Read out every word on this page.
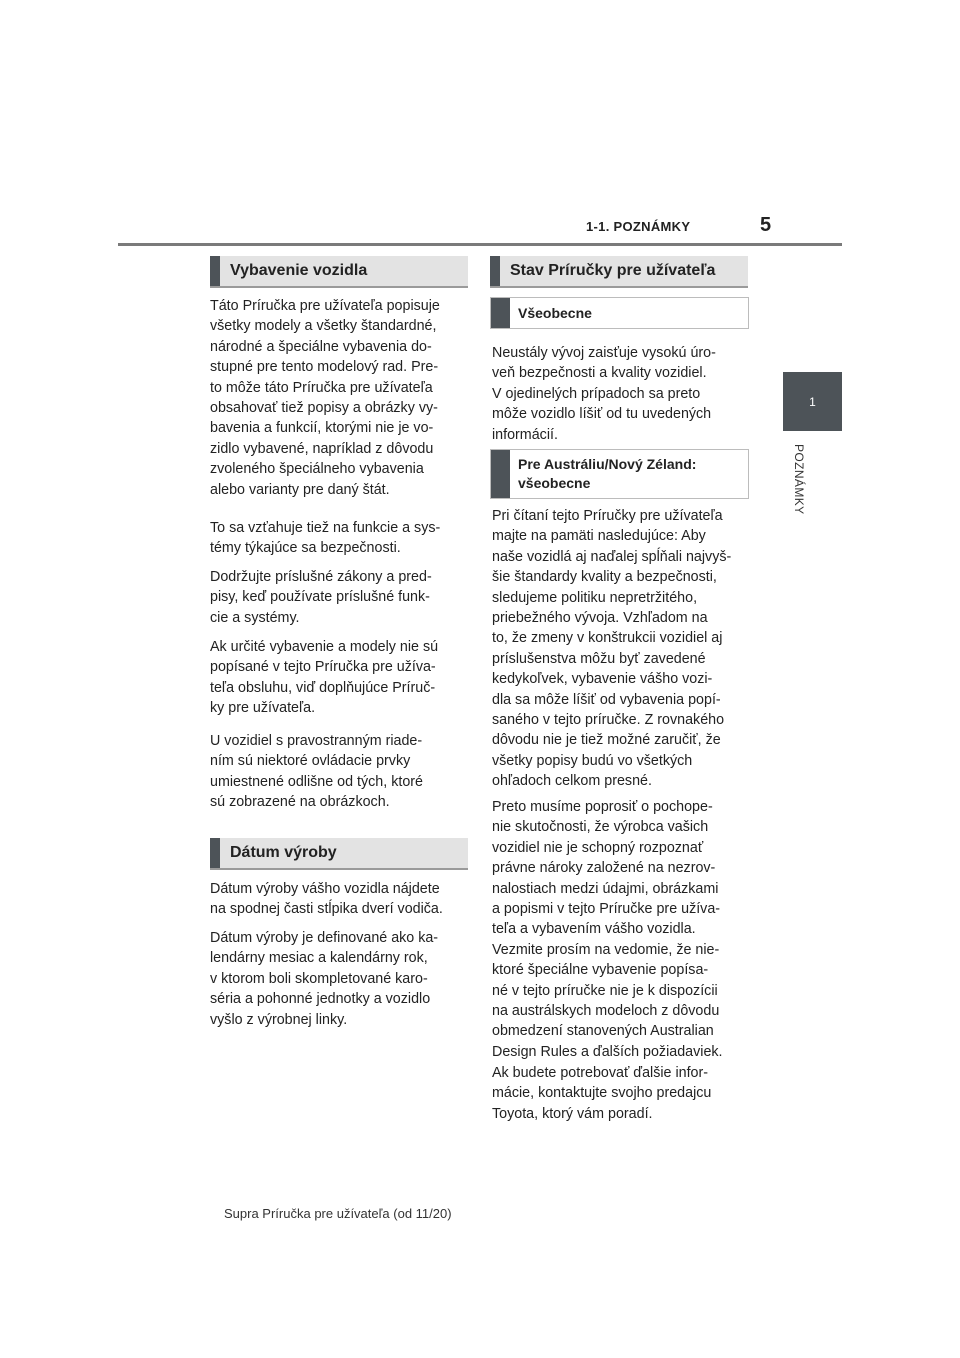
1-1. POZNÁMKY	5
1
POZNÁMKY
Vybavenie vozidla
Táto Príručka pre užívateľa popisuje
všetky modely a všetky štandardné,
národné a špeciálne vybavenia do-
stupné pre tento modelový rad. Pre-
to môže táto Príručka pre užívateľa
obsahovať tiež popisy a obrázky vy-
bavenia a funkcií, ktorými nie je vo-
zidlo vybavené, napríklad z dôvodu
zvoleného špeciálneho vybavenia
alebo varianty pre daný štát.
To sa vzťahuje tiež na funkcie a sys-
témy týkajúce sa bezpečnosti.
Dodržujte príslušné zákony a pred-
pisy, keď používate príslušné funk-
cie a systémy.
Ak určité vybavenie a modely nie sú
popísané v tejto Príručka pre užíva-
teľa obsluhu, viď doplňujúce Príruč-
ky pre užívateľa.
U vozidiel s pravostranným riade-
ním sú niektoré ovládacie prvky
umiestnené odlišne od tých, ktoré
sú zobrazené na obrázkoch.
Dátum výroby
Dátum výroby vášho vozidla nájdete
na spodnej časti stĺpika dverí vodiča.
Dátum výroby je definované ako ka-
lendárny mesiac a kalendárny rok,
v ktorom boli skompletované karo-
séria a pohonné jednotky a vozidlo
vyšlo z výrobnej linky.
Stav Príručky pre užívateľa
Všeobecne
Neustály vývoj zaisťuje vysokú úro-
veň bezpečnosti a kvality vozidiel.
V ojedinelých prípadoch sa preto
môže vozidlo líšiť od tu uvedených
informácií.
Pre Austráliu/Nový Zéland:
všeobecne
Pri čítaní tejto Príručky pre užívateľa
majte na pamäti nasledujúce: Aby
naše vozidlá aj naďalej spĺňali najvyš-
šie štandardy kvality a bezpečnosti,
sledujeme politiku nepretržitého,
priebežného vývoja. Vzhľadom na
to, že zmeny v konštrukcii vozidiel aj
príslušenstva môžu byť zavedené
kedykoľvek, vybavenie vášho vozi-
dla sa môže líšiť od vybavenia popí-
saného v tejto príručke. Z rovnakého
dôvodu nie je tiež možné zaručiť, že
všetky popisy budú vo všetkých
ohľadoch celkom presné.
Preto musíme poprosiť o pochope-
nie skutočnosti, že výrobca vašich
vozidiel nie je schopný rozpoznať
právne nároky založené na nezrov-
nalostiach medzi údajmi, obrázkami
a popismi v tejto Príručke pre užíva-
teľa a vybavením vášho vozidla.
Vezmite prosím na vedomie, že nie-
ktoré špeciálne vybavenie popísa-
né v tejto príručke nie je k dispozícii
na austrálskych modeloch z dôvodu
obmedzení stanovených Australian
Design Rules a ďalších požiadaviek.
Ak budete potrebovať ďalšie infor-
mácie, kontaktujte svojho predajcu
Toyota, ktorý vám poradí.
Supra Príručka pre užívateľa (od 11/20)
